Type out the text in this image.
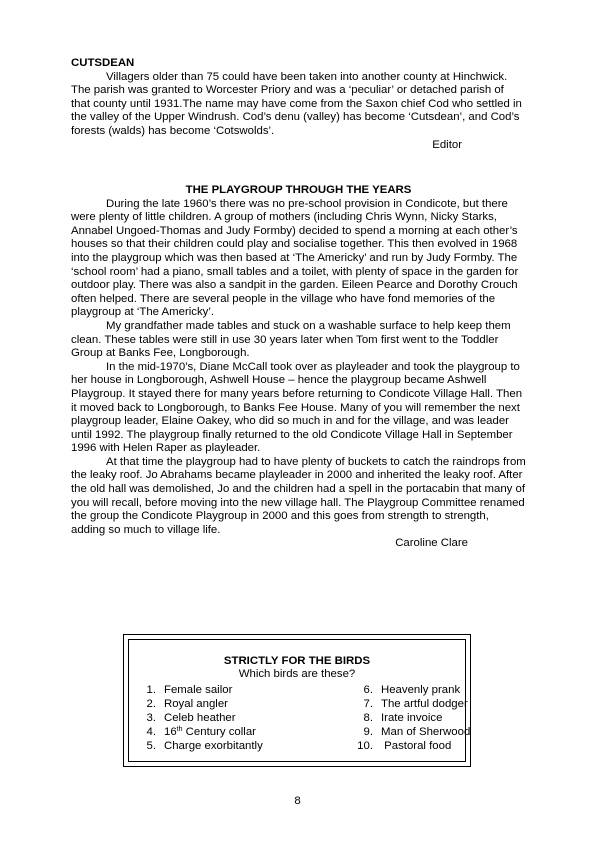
CUTSDEAN

Villagers older than 75 could have been taken into another county at Hinchwick. The parish was granted to Worcester Priory and was a ‘peculiar’ or detached parish of that county until 1931.The name may have come from the Saxon chief Cod who settled in the valley of the Upper Windrush. Cod’s denu (valley) has become ‘Cutsdean’, and Cod’s forests (walds) has become ‘Cotswolds’.

Editor

THE PLAYGROUP THROUGH THE YEARS

During the late 1960’s there was no pre-school provision in Condicote, but there were plenty of little children. A group of mothers (including Chris Wynn, Nicky Starks, Annabel Ungoed-Thomas and Judy Formby) decided to spend a morning at each other’s houses so that their children could play and socialise together. This then evolved in 1968 into the playgroup which was then based at ‘The Americky’ and run by Judy Formby. The ‘school room’ had a piano, small tables and a toilet, with plenty of space in the garden for outdoor play. There was also a sandpit in the garden. Eileen Pearce and Dorothy Crouch often helped. There are several people in the village who have fond memories of the playgroup at ‘The Americky’.

My grandfather made tables and stuck on a washable surface to help keep them clean. These tables were still in use 30 years later when Tom first went to the Toddler Group at Banks Fee, Longborough.

In the mid-1970’s, Diane McCall took over as playleader and took the playgroup to her house in Longborough, Ashwell House – hence the playgroup became Ashwell Playgroup. It stayed there for many years before returning to Condicote Village Hall. Then it moved back to Longborough, to Banks Fee House. Many of you will remember the next playgroup leader, Elaine Oakey, who did so much in and for the village, and was leader until 1992. The playgroup finally returned to the old Condicote Village Hall in September 1996 with Helen Raper as playleader.

At that time the playgroup had to have plenty of buckets to catch the raindrops from the leaky roof. Jo Abrahams became playleader in 2000 and inherited the leaky roof. After the old hall was demolished, Jo and the children had a spell in the portacabin that many of you will recall, before moving into the new village hall. The Playgroup Committee renamed the group the Condicote Playgroup in 2000 and this goes from strength to strength, adding so much to village life.

Caroline Clare

STRICTLY FOR THE BIRDS
Which birds are these?
1. Female sailor
2. Royal angler
3. Celeb heather
4. 16th Century collar
5. Charge exorbitantly
6. Heavenly prank
7. The artful dodger
8. Irate invoice
9. Man of Sherwood
10. Pastoral food
8
